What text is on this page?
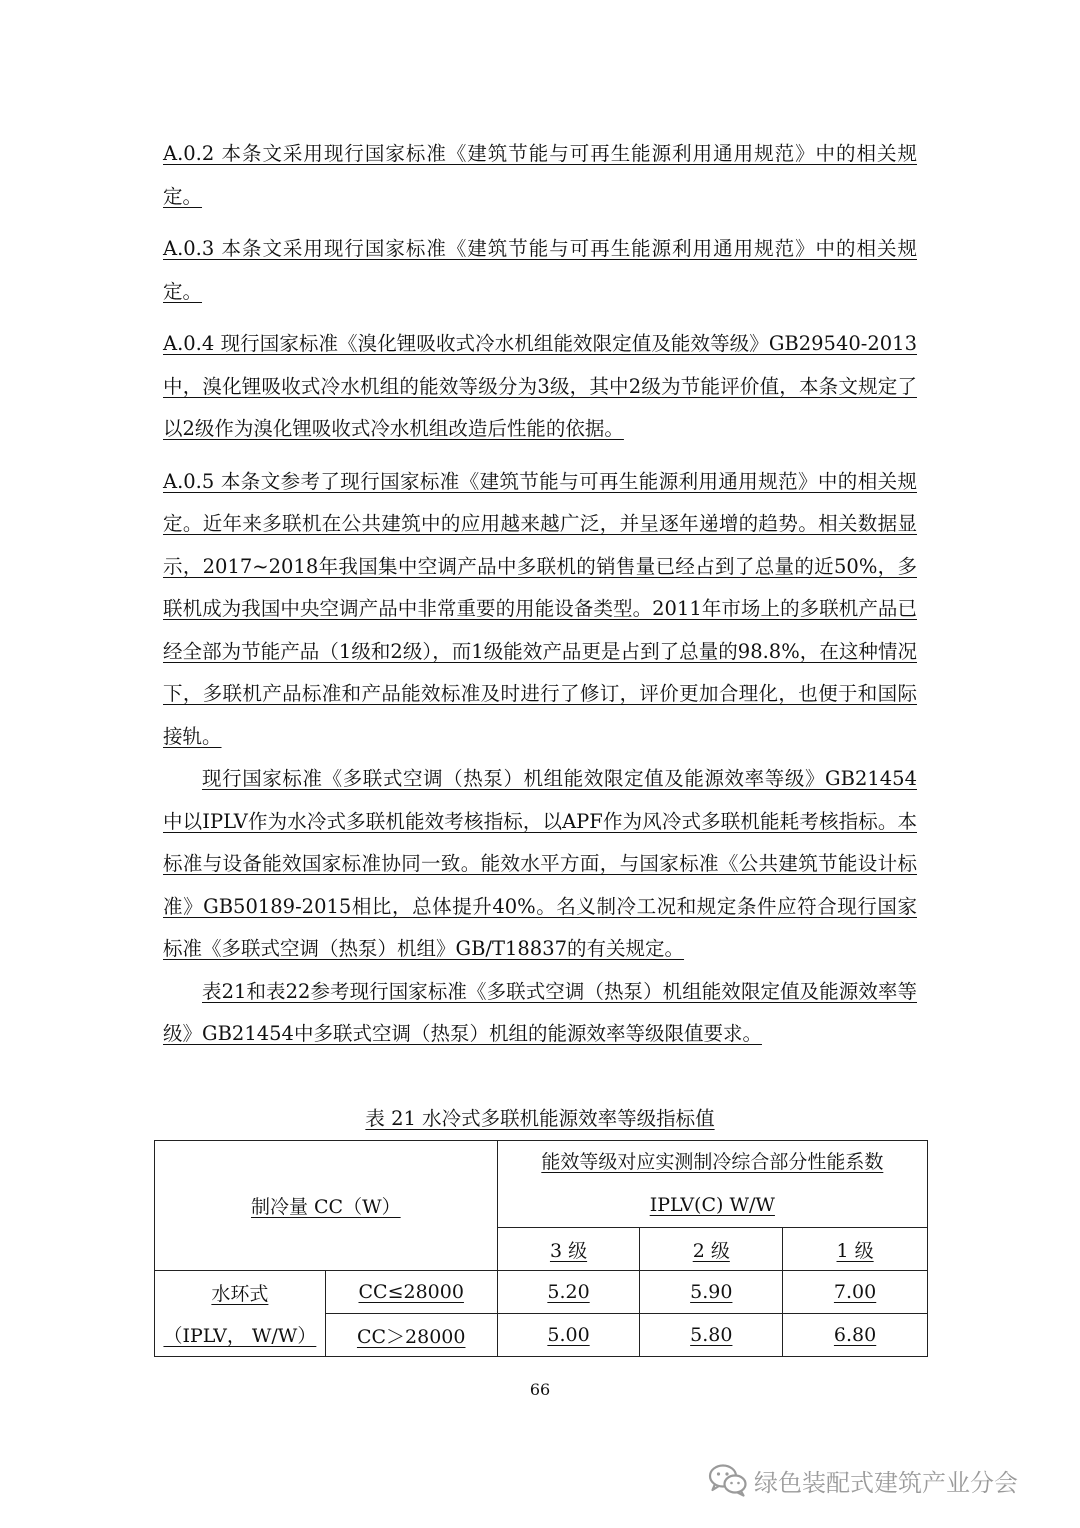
A.0.2 本条文采用现行国家标准《建筑节能与可再生能源利用通用规范》中的相关规定。

A.0.3 本条文采用现行国家标准《建筑节能与可再生能源利用通用规范》中的相关规定。

A.0.4 现行国家标准《溴化锂吸收式冷水机组能效限定值及能效等级》GB29540-2013中，溴化锂吸收式冷水机组的能效等级分为3级，其中2级为节能评价值，本条文规定了以2级作为溴化锂吸收式冷水机组改造后性能的依据。

A.0.5 本条文参考了现行国家标准《建筑节能与可再生能源利用通用规范》中的相关规定。近年来多联机在公共建筑中的应用越来越广泛，并呈逐年递增的趋势。相关数据显示，2017~2018年我国集中空调产品中多联机的销售量已经占到了总量的近50%，多联机成为我国中央空调产品中非常重要的用能设备类型。2011年市场上的多联机产品已经全部为节能产品（1级和2级），而1级能效产品更是占到了总量的98.8%，在这种情况下，多联机产品标准和产品能效标准及时进行了修订，评价更加合理化，也便于和国际接轨。

现行国家标准《多联式空调（热泵）机组能效限定值及能源效率等级》GB21454中以IPLV作为水冷式多联机能效考核指标，以APF作为风冷式多联机能耗考核指标。本标准与设备能效国家标准协同一致。能效水平方面，与国家标准《公共建筑节能设计标准》GB50189-2015相比，总体提升40%。名义制冷工况和规定条件应符合现行国家标准《多联式空调（热泵）机组》GB/T18837的有关规定。

表21和表22参考现行国家标准《多联式空调（热泵）机组能效限定值及能源效率等级》GB21454中多联式空调（热泵）机组的能源效率等级限值要求。

表 21 水冷式多联机能源效率等级指标值
制冷量 CC（W）		能效等级对应实测制冷综合部分性能系数
IPLV(C) W/W		
		3 级	2 级	1 级
水环式	CC≤28000	5.20	5.90	7.00
（IPLV， W/W）	CC＞28000	5.00	5.80	6.80
66
绿色装配式建筑产业分会
